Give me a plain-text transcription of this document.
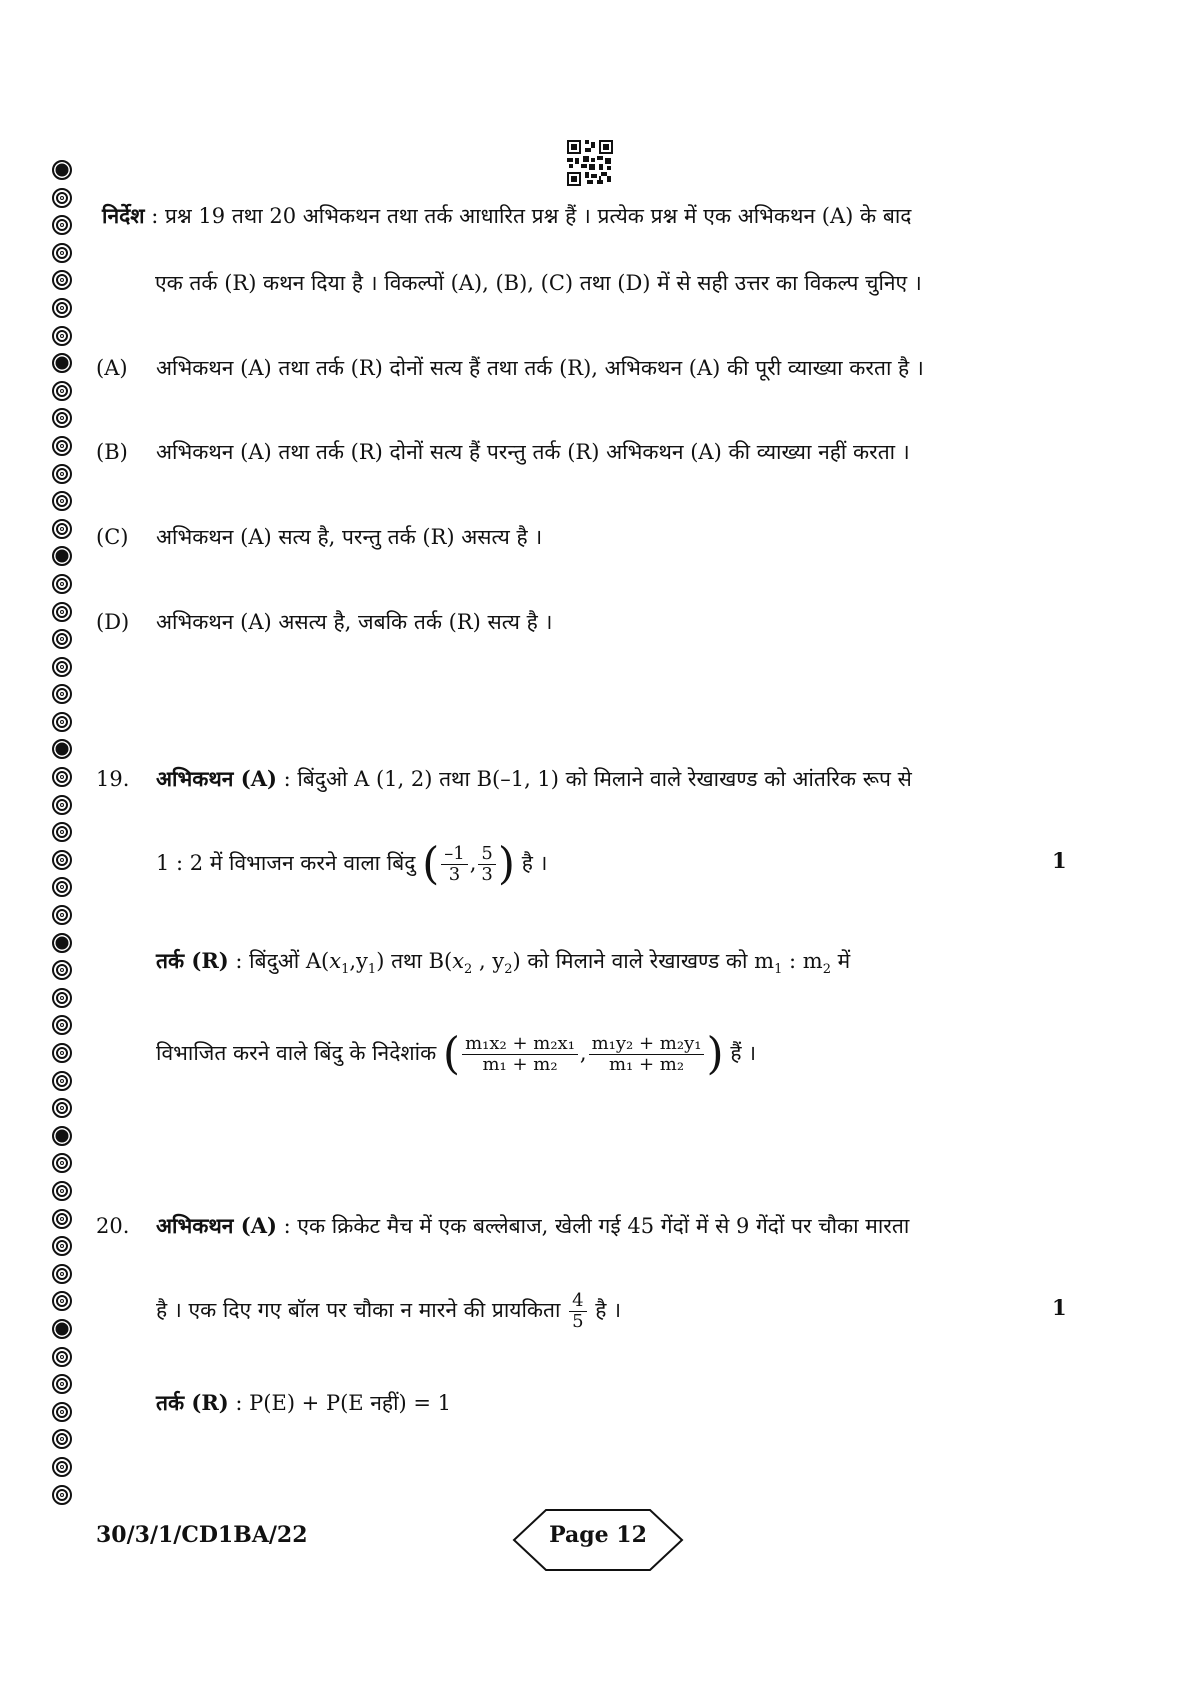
निर्देश : प्रश्न 19 तथा 20 अभिकथन तथा तर्क आधारित प्रश्न हैं । प्रत्येक प्रश्न में एक अभिकथन (A) के बाद
एक तर्क (R) कथन दिया है । विकल्पों (A), (B), (C) तथा (D) में से सही उत्तर का विकल्प चुनिए ।
(A) अभिकथन (A) तथा तर्क (R) दोनों सत्य हैं तथा तर्क (R), अभिकथन (A) की पूरी व्याख्या करता है ।
(B) अभिकथन (A) तथा तर्क (R) दोनों सत्य हैं परन्तु तर्क (R) अभिकथन (A) की व्याख्या नहीं करता ।
(C) अभिकथन (A) सत्य है, परन्तु तर्क (R) असत्य है ।
(D) अभिकथन (A) असत्य है, जबकि तर्क (R) सत्य है ।
19. अभिकथन (A) : बिंदुओ A (1, 2) तथा B(–1, 1) को मिलाने वाले रेखाखण्ड को आंतरिक रूप से
1 : 2 में विभाजन करने वाला बिंदु ( $\frac{-1}{3}$ , $\frac{5}{3}$ ) है ।	1
तर्क (R) : बिंदुओं $A(x_1,y_1)$ तथा $B(x_2$ , $y_2$) को मिलाने वाले रेखाखण्ड को $m_1$ : $m_2$ में
विभाजित करने वाले बिंदु के निदेशांक ( $\frac{\text{m₁x₂ + m₂x₁}}{\text{m₁ + m₂}}$ , $\frac{\text{m₁y₂ + m₂y₁}}{\text{m₁ + m₂}}$ ) हैं ।
20. अभिकथन (A) : एक क्रिकेट मैच में एक बल्लेबाज, खेली गई 45 गेंदों में से 9 गेंदों पर चौका मारता
है । एक दिए गए बॉल पर चौका न मारने की प्रायकिता $\frac{4}{5}$ है ।	1
तर्क (R) : P(E) + P(E नहीं) = 1
30/3/1/CD1BA/22	Page 12
